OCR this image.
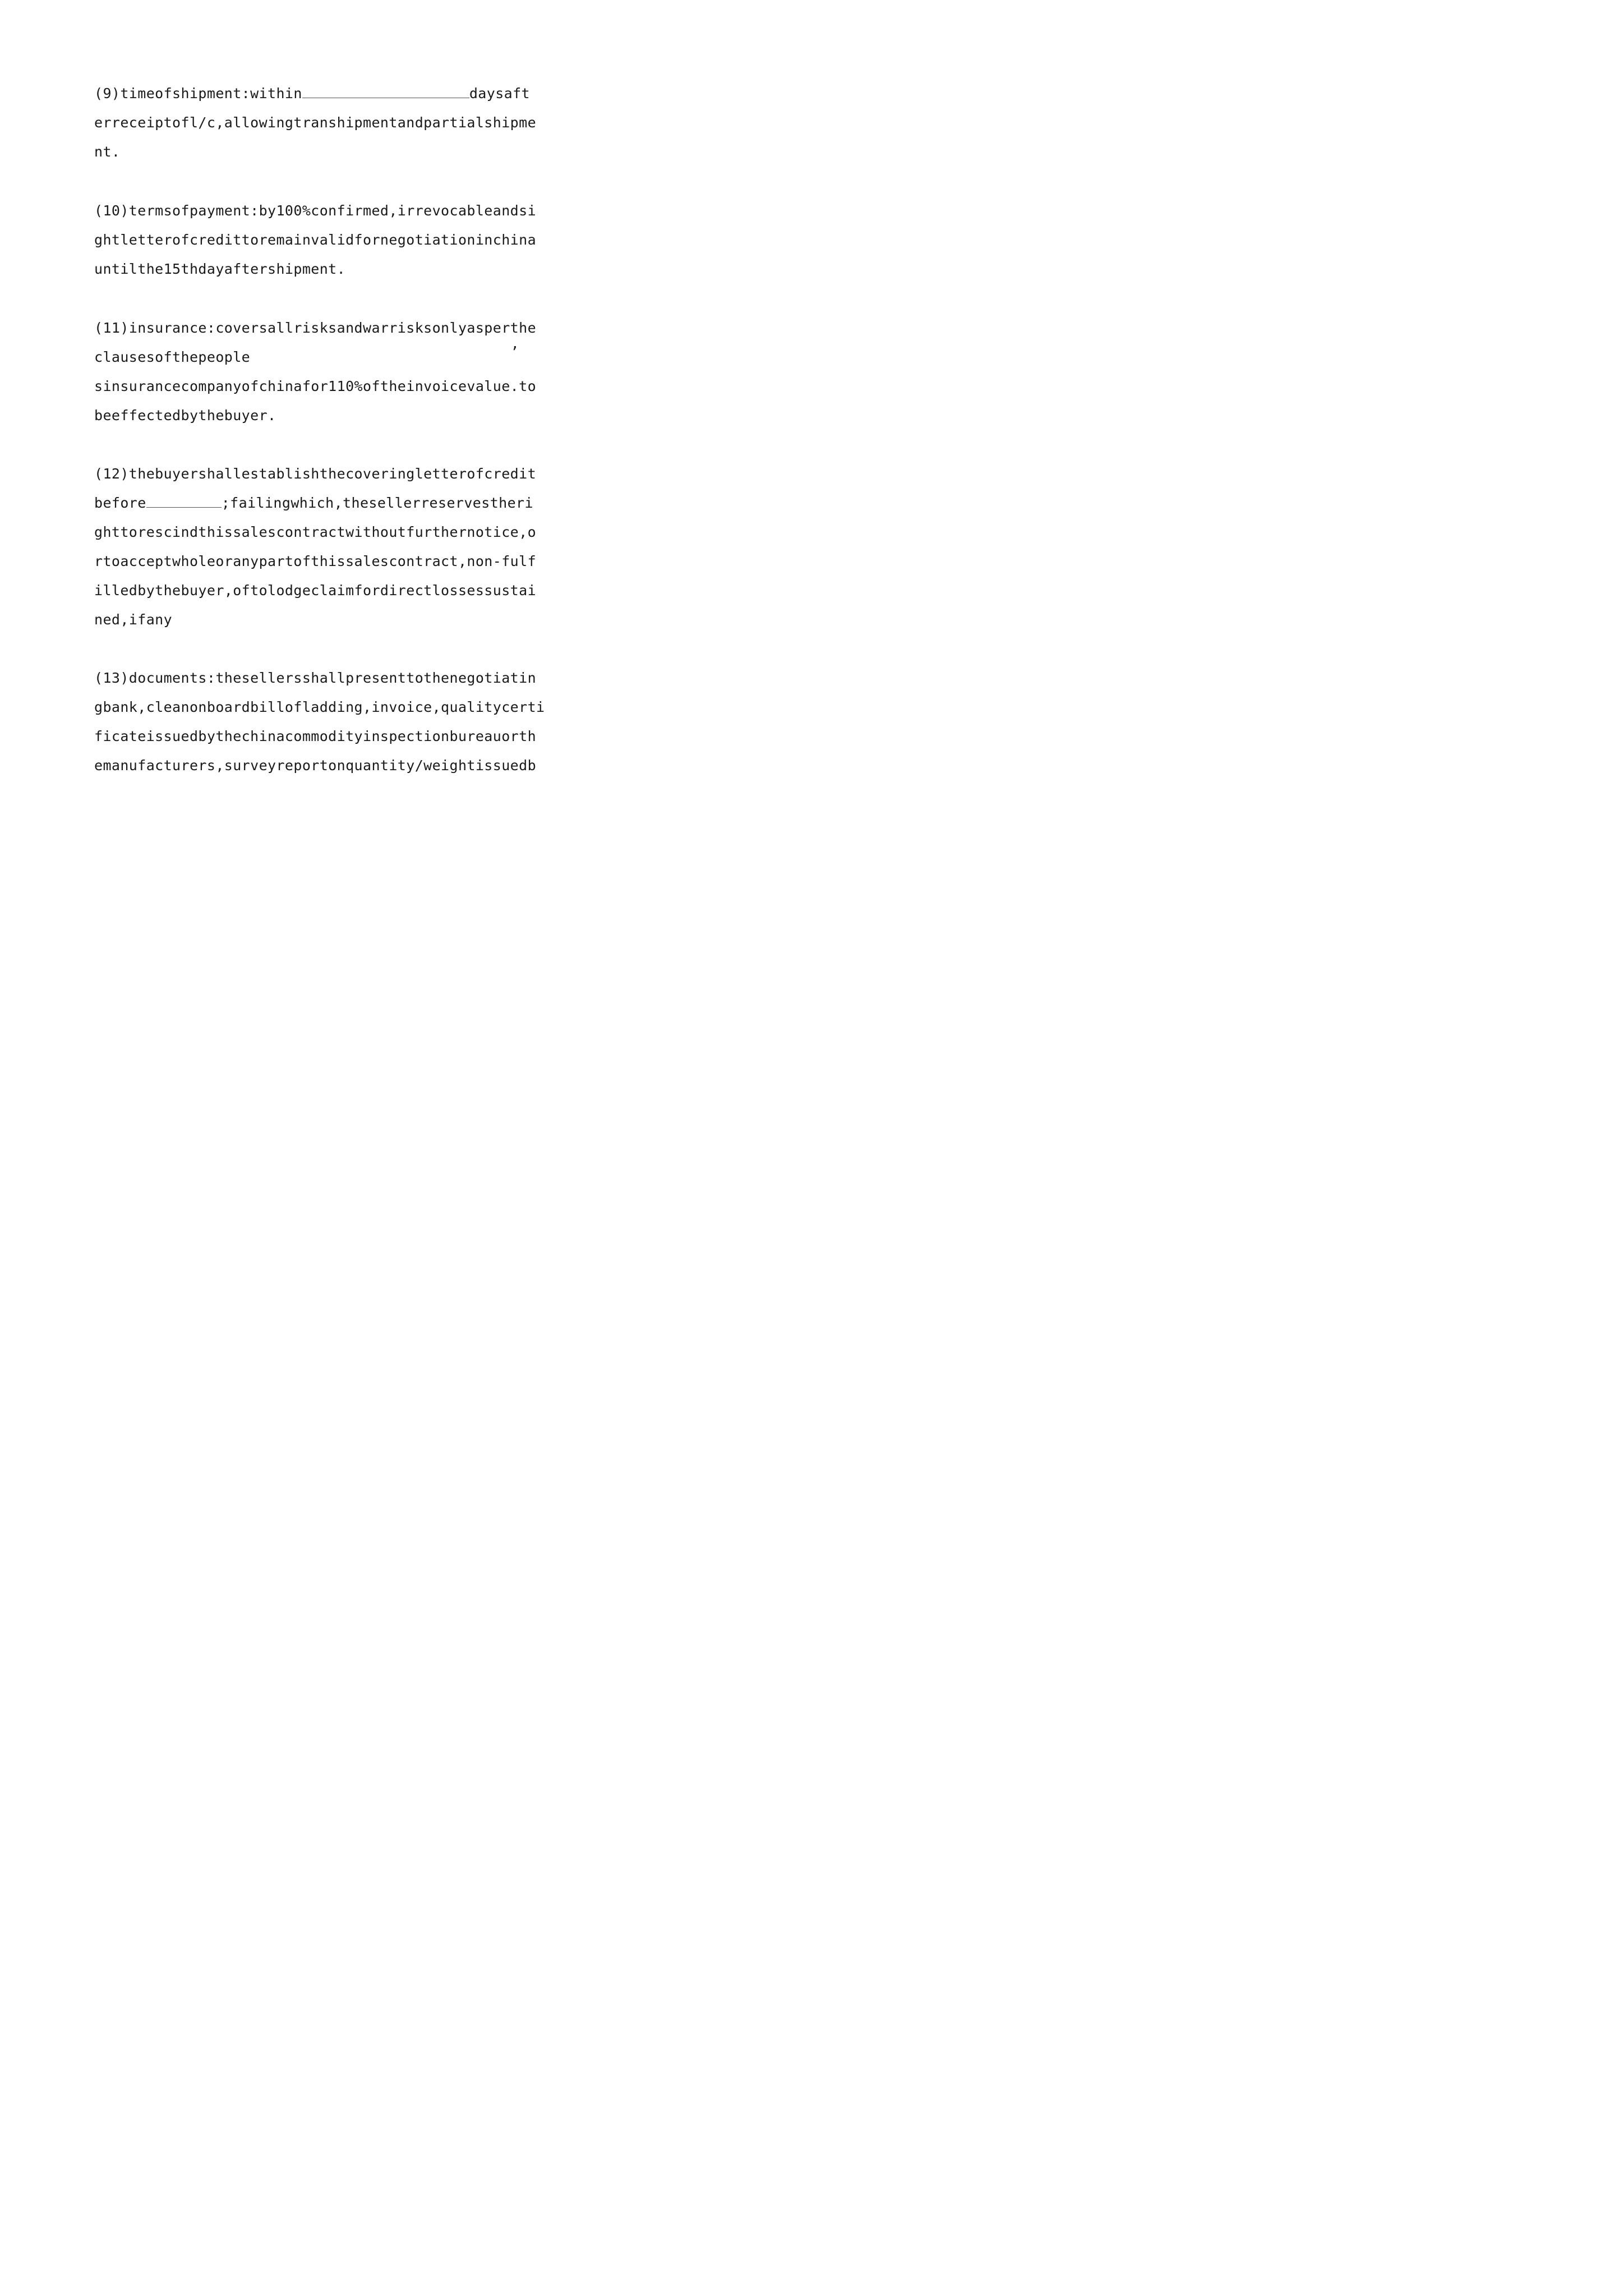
(9)timeofshipment:within	daysaft
erreceiptofl/c,allowingtranshipmentandpartialshipme
nt.
(10)termsofpayment:by100%confirmed,irrevocableandsi
ghtletterofcredittoremainvalidfornegotiationinchina
untilthe15thdayaftershipment.
(11)insurance:coversallrisksandwarrisksonlyasperthe
clausesofthepeople	’
sinsurancecompanyofchinafor110%oftheinvoicevalue.to
beeffectedbythebuyer.
(12)thebuyershallestablishthecoveringletterofcredit
before	;failingwhich,thesellerreservestheri
ghttorescindthissalescontractwithoutfurthernotice,o
rtoacceptwholeoranypartofthissalescontract,non-fulf
illedbythebuyer,oftolodgeclaimfordirectlossessustai
ned,ifany
(13)documents:thesellersshallpresenttothenegotiatin
gbank,cleanonboardbillofladding,invoice,qualitycerti
ficateissuedbythechinacommodityinspectionbureauorth
emanufacturers,surveyreportonquantity/weightissuedb
